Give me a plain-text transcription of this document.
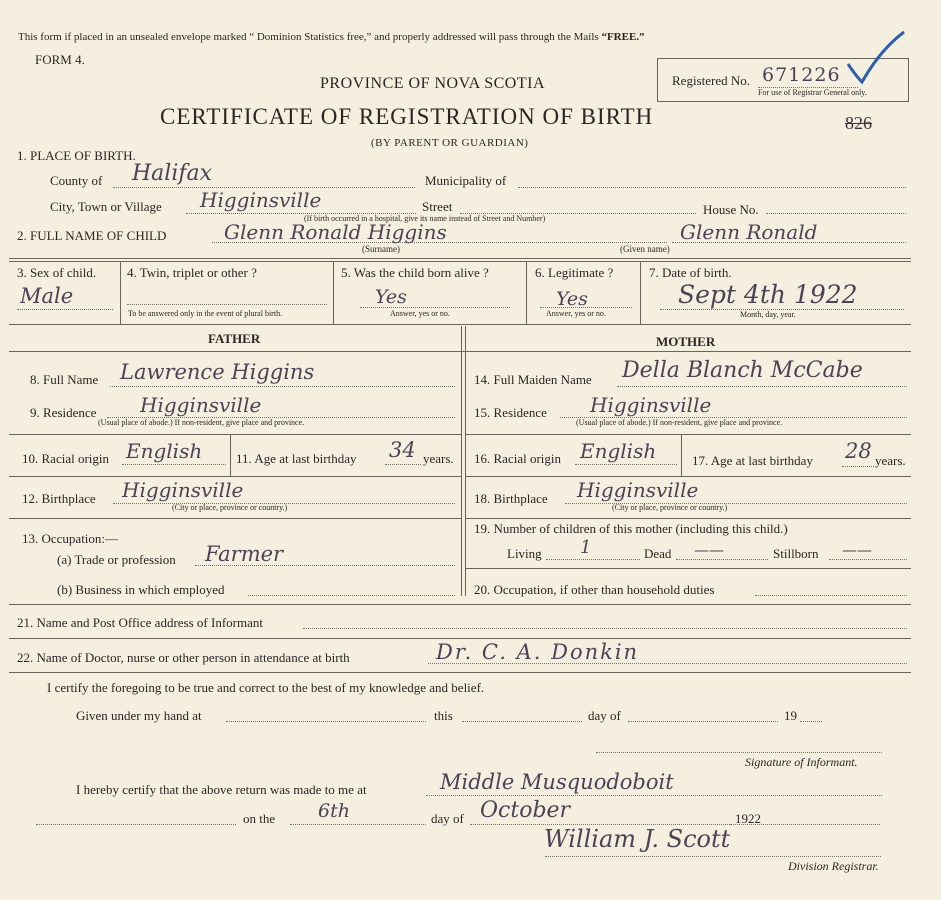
This form if placed in an unsealed envelope marked “ Dominion Statistics free,” and properly addressed will pass through the Mails “FREE.”
FORM 4.
PROVINCE OF NOVA SCOTIA
CERTIFICATE OF REGISTRATION OF BIRTH
(BY PARENT OR GUARDIAN)
Registered No. 671226
For use of Registrar General only.
826
1. PLACE OF BIRTH.
County of Halifax	Municipality of
City, Town or Village Higginsville	Street	House No.
(If birth occurred in a hospital, give its name instead of Street and Number)
2. FULL NAME OF CHILD	Glenn Ronald Higgins	Glenn Ronald
(Surname)	(Given name)
3. Sex of child.
Male
4. Twin, triplet or other ?
To be answered only in the event of plural birth.
5. Was the child born alive ?
Yes
Answer, yes or no.
6. Legitimate ?
Yes
Answer, yes or no.
7. Date of birth.
Sept 4th 1922
Month, day, year.
FATHER	MOTHER
8. Full Name Lawrence Higgins
9. Residence Higginsville
(Usual place of abode.) If non-resident, give place and province.
10. Racial origin English	11. Age at last birthday 34 years.
12. Birthplace Higginsville
(City or place, province or country.)
13. Occupation:—
(a) Trade or profession Farmer
(b) Business in which employed
14. Full Maiden Name Della Blanch McCabe
15. Residence Higginsville
(Usual place of abode.) If non-resident, give place and province.
16. Racial origin English	17. Age at last birthday 28 years.
18. Birthplace Higginsville
(City or place, province or country.)
19. Number of children of this mother (including this child.)
Living 1	Dead ——	Stillborn ——
20. Occupation, if other than household duties
21. Name and Post Office address of Informant
22. Name of Doctor, nurse or other person in attendance at birth	Dr. C. A. Donkin
I certify the foregoing to be true and correct to the best of my knowledge and belief.
Given under my hand at	this	day of	19
Signature of Informant.
I hereby certify that the above return was made to me at	Middle Musquodoboit
on the 6th	day of October	1922
William J. Scott
Division Registrar.
